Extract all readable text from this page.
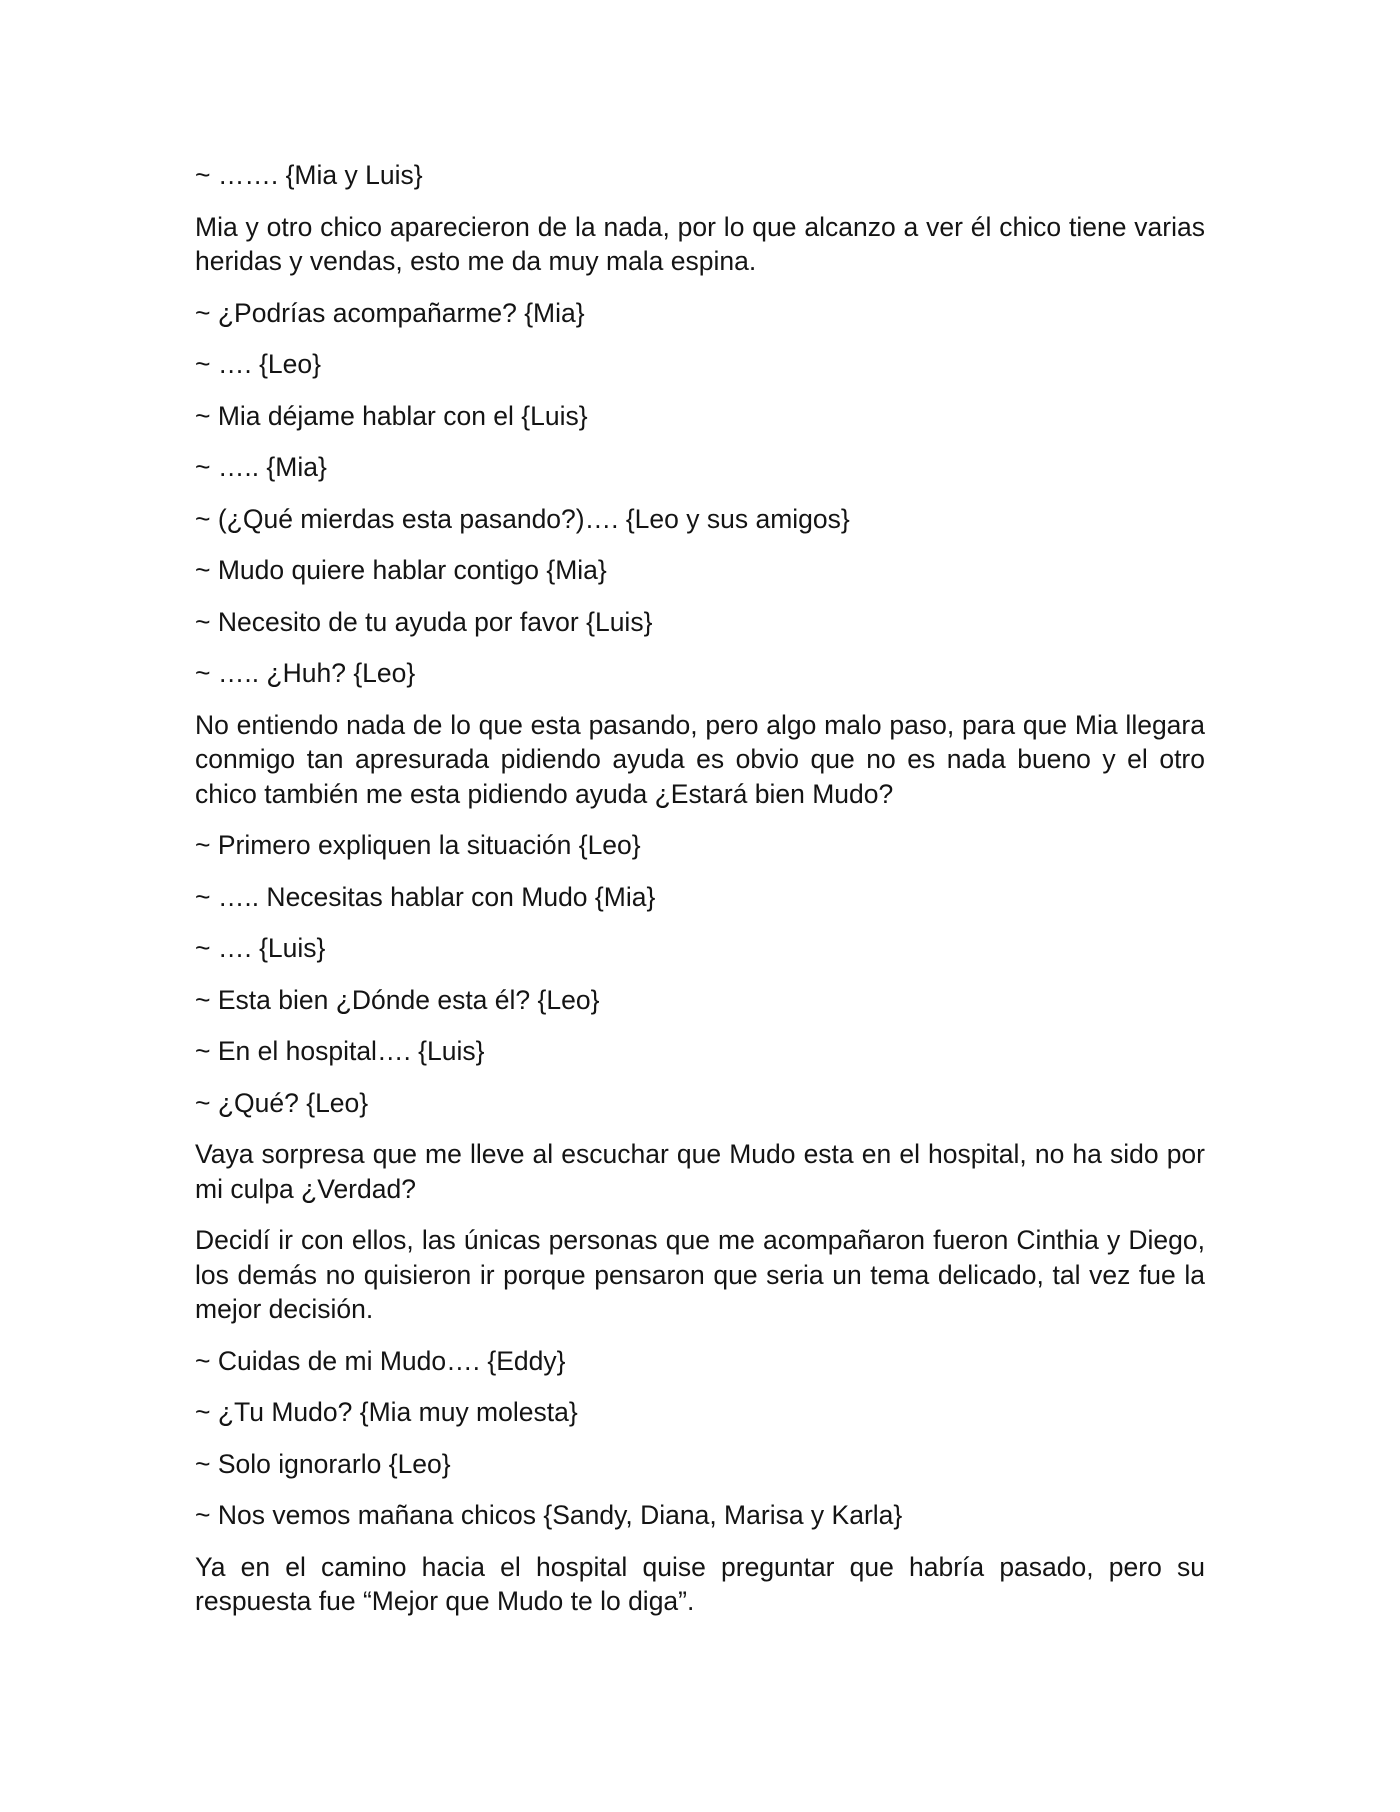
~ ……. {Mia y Luis}
Mia y otro chico aparecieron de la nada, por lo que alcanzo a ver él chico tiene varias heridas y vendas, esto me da muy mala espina.
~ ¿Podrías acompañarme? {Mia}
~ …. {Leo}
~ Mia déjame hablar con el {Luis}
~ ….. {Mia}
~ (¿Qué mierdas esta pasando?)…. {Leo y sus amigos}
~ Mudo quiere hablar contigo {Mia}
~ Necesito de tu ayuda por favor {Luis}
~ ….. ¿Huh? {Leo}
No entiendo nada de lo que esta pasando, pero algo malo paso, para que Mia llegara conmigo tan apresurada pidiendo ayuda es obvio que no es nada bueno y el otro chico también me esta pidiendo ayuda ¿Estará bien Mudo?
~ Primero expliquen la situación {Leo}
~ ….. Necesitas hablar con Mudo {Mia}
~ …. {Luis}
~ Esta bien ¿Dónde esta él? {Leo}
~ En el hospital…. {Luis}
~ ¿Qué? {Leo}
Vaya sorpresa que me lleve al escuchar que Mudo esta en el hospital, no ha sido por mi culpa ¿Verdad?
Decidí ir con ellos, las únicas personas que me acompañaron fueron Cinthia y Diego, los demás no quisieron ir porque pensaron que seria un tema delicado, tal vez fue la mejor decisión.
~ Cuidas de mi Mudo…. {Eddy}
~ ¿Tu Mudo? {Mia muy molesta}
~ Solo ignorarlo {Leo}
~ Nos vemos mañana chicos {Sandy, Diana, Marisa y Karla}
Ya en el camino hacia el hospital quise preguntar que habría pasado, pero su respuesta fue “Mejor que Mudo te lo diga”.
